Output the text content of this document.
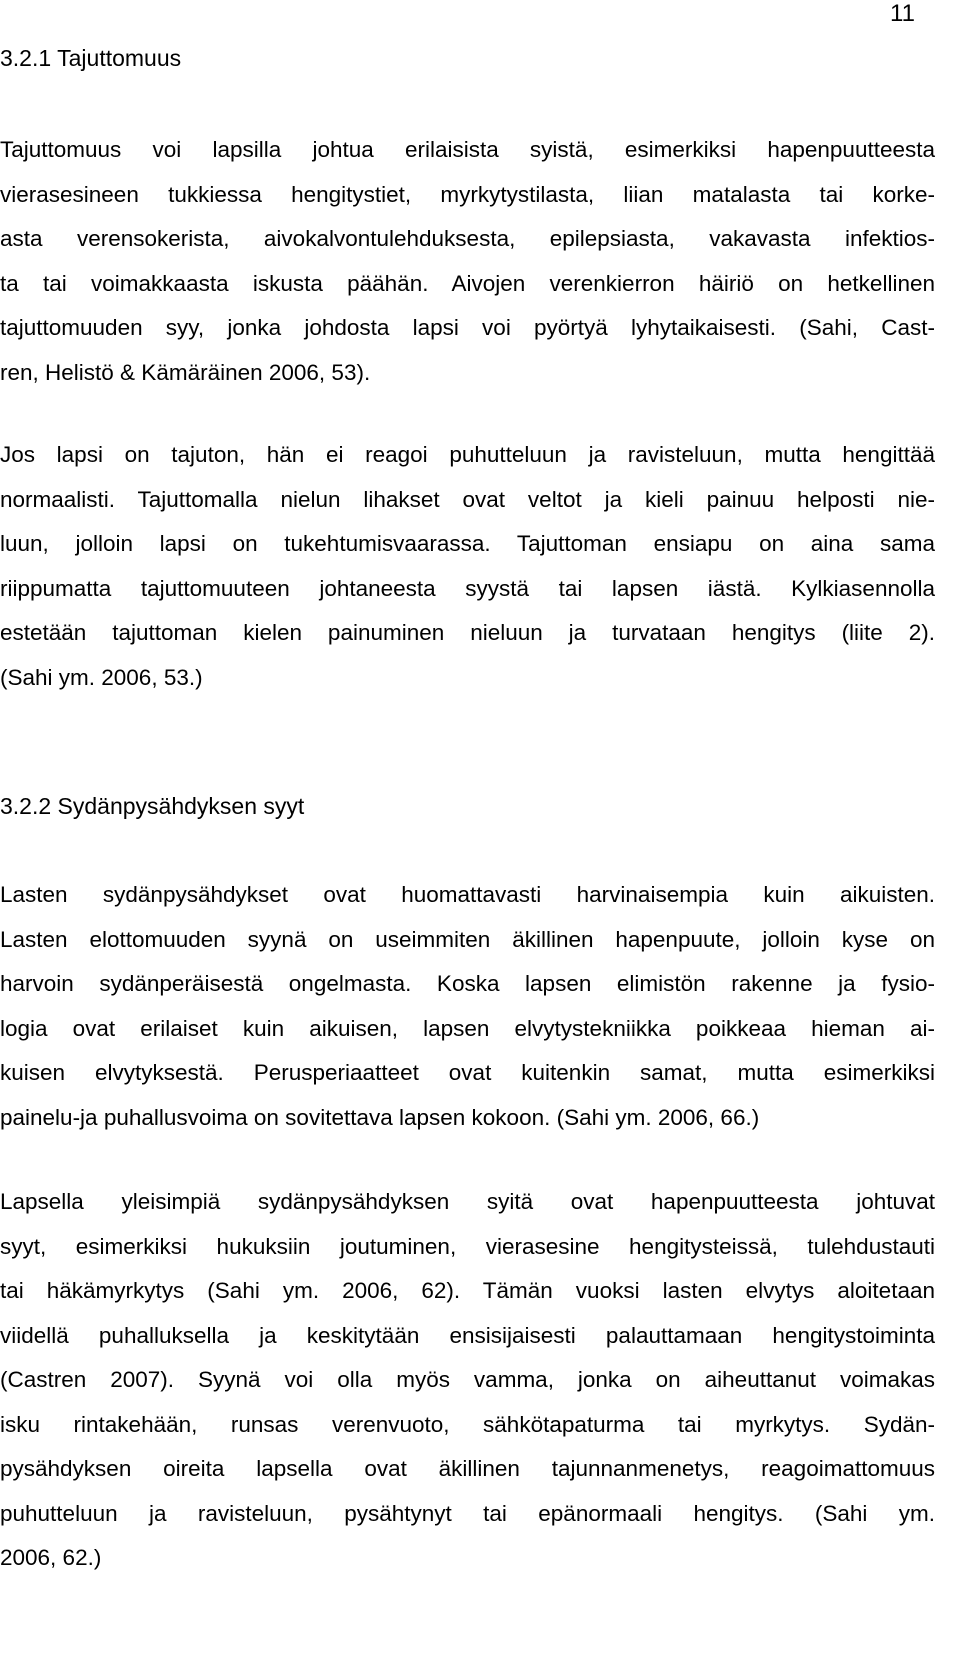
11
3.2.1 Tajuttomuus
Tajuttomuus voi lapsilla johtua erilaisista syistä, esimerkiksi hapenpuutteesta
vierasesineen tukkiessa hengitystiet, myrkytystilasta, liian matalasta tai korke-
asta verensokerista, aivokalvontulehduksesta, epilepsiasta, vakavasta infektios-
ta tai voimakkaasta iskusta päähän. Aivojen verenkierron häiriö on hetkellinen
tajuttomuuden syy, jonka johdosta lapsi voi pyörtyä lyhytaikaisesti. (Sahi, Cast-
ren, Helistö & Kämäräinen 2006, 53).
Jos lapsi on tajuton, hän ei reagoi puhutteluun ja ravisteluun, mutta hengittää
normaalisti. Tajuttomalla nielun lihakset ovat veltot ja kieli painuu helposti nie-
luun, jolloin lapsi on tukehtumisvaarassa. Tajuttoman ensiapu on aina sama
riippumatta tajuttomuuteen johtaneesta syystä tai lapsen iästä. Kylkiasennolla
estetään tajuttoman kielen painuminen nieluun ja turvataan hengitys (liite 2).
(Sahi ym. 2006, 53.)
3.2.2 Sydänpysähdyksen syyt
Lasten sydänpysähdykset ovat huomattavasti harvinaisempia kuin aikuisten.
Lasten elottomuuden syynä on useimmiten äkillinen hapenpuute, jolloin kyse on
harvoin sydänperäisestä ongelmasta. Koska lapsen elimistön rakenne ja fysio-
logia ovat erilaiset kuin aikuisen, lapsen elvytystekniikka poikkeaa hieman ai-
kuisen elvytyksestä. Perusperiaatteet ovat kuitenkin samat, mutta esimerkiksi
painelu-ja puhallusvoima on sovitettava lapsen kokoon. (Sahi ym. 2006, 66.)
Lapsella yleisimpiä sydänpysähdyksen syitä ovat hapenpuutteesta johtuvat
syyt, esimerkiksi hukuksiin joutuminen, vierasesine hengitysteissä, tulehdustauti
tai häkämyrkytys (Sahi ym. 2006, 62). Tämän vuoksi lasten elvytys aloitetaan
viidellä puhalluksella ja keskitytään ensisijaisesti palauttamaan hengitystoiminta
(Castren 2007). Syynä voi olla myös vamma, jonka on aiheuttanut voimakas
isku rintakehään, runsas verenvuoto, sähkötapaturma tai myrkytys. Sydän-
pysähdyksen oireita lapsella ovat äkillinen tajunnanmenetys, reagoimattomuus
puhutteluun ja ravisteluun, pysähtynyt tai epänormaali hengitys. (Sahi ym.
2006, 62.)
